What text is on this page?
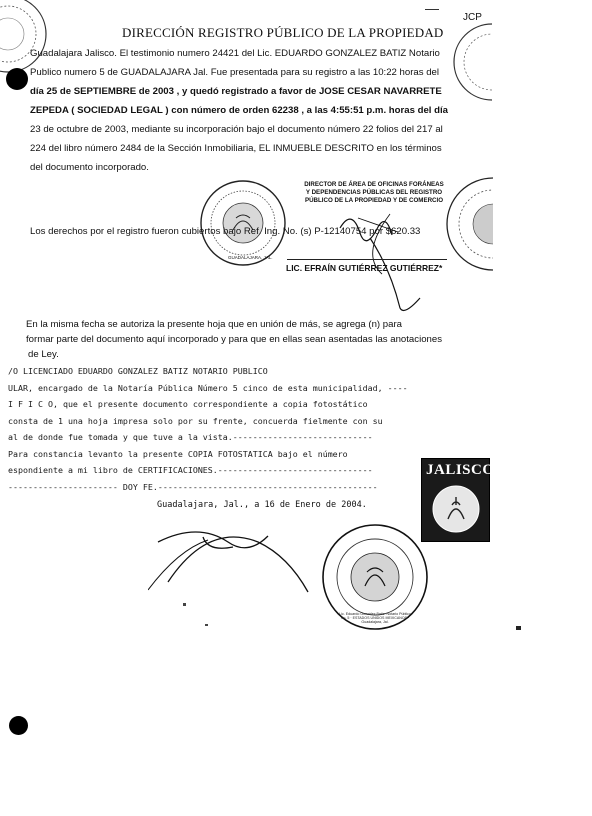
DIRECCIÓN REGISTRO PÚBLICO DE LA PROPIEDAD
JCP
Guadalajara Jalisco. El testimonio numero 24421 del Lic. EDUARDO GONZALEZ BATIZ Notario
Publico numero 5 de GUADALAJARA Jal. Fue presentada para su registro a las 10:22 horas del
día 25 de SEPTIEMBRE de 2003 , y quedó registrado a favor de JOSE CESAR NAVARRETE
ZEPEDA ( SOCIEDAD LEGAL ) con número de orden 62238 , a las 4:55:51 p.m. horas del día
23 de octubre de 2003, mediante su incorporación bajo el documento número 22 folios del 217 al
224 del libro número 2484 de la Sección Inmobiliaria, EL INMUEBLE DESCRITO en los términos
del documento incorporado.
GUADALAJARA, JAL.
DIRECTOR DE ÁREA DE OFICINAS FORÁNEAS
Y DEPENDENCIAS PÚBLICAS DEL REGISTRO
PÚBLICO DE LA PROPIEDAD Y DE COMERCIO
Los derechos por el registro fueron cubiertos bajo Ref. Ing. No. (s) P-12140754 por $620.33
LIC. EFRAÍN GUTIÉRREZ GUTIÉRREZ*
En la misma fecha se autoriza la presente hoja que en unión de más, se agrega (n) para
formar parte del documento aquí incorporado y para que en ellas sean asentadas las anotaciones
de Ley.
/O LICENCIADO EDUARDO GONZALEZ BATIZ NOTARIO PUBLICO
ULAR, encargado de la Notaría Pública Número 5 cinco de esta municipalidad, ----
I F I C O, que el presente documento correspondiente a copia fotostático
consta de 1 una hoja impresa solo por su frente, concuerda fielmente con su
al de donde fue tomada y que tuve a la vista.----------------------------
Para constancia levanto la presente COPIA FOTOSTATICA bajo el número
espondiente a mi libro de CERTIFICACIONES.-------------------------------
---------------------- DOY FE.--------------------------------------------
JALISCO
Guadalajara, Jal., a 16 de Enero de 2004.
Lic. Eduardo González Batiz. Notario Público No. 5 · ESTADOS UNIDOS MEXICANOS · Guadalajara, Jal.
